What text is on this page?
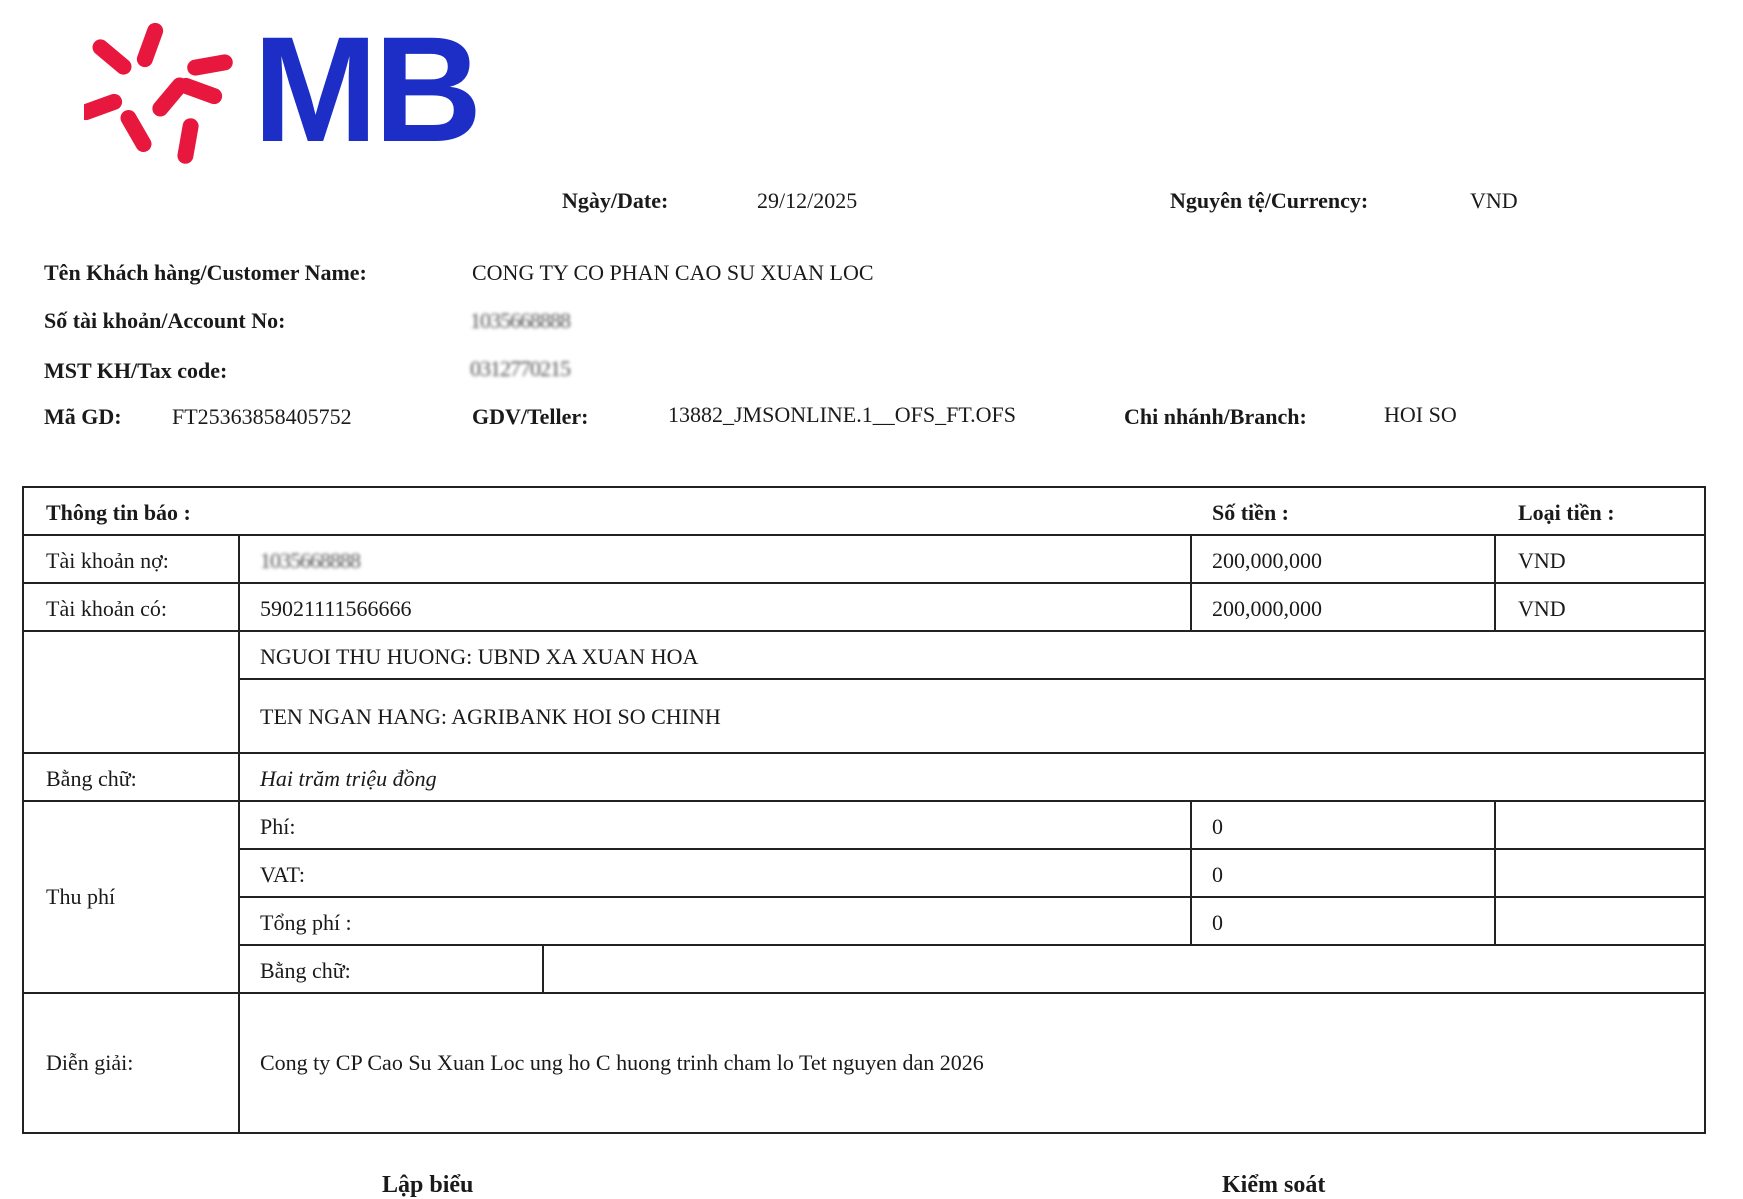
MB
Ngày/Date:	29/12/2025	Nguyên tệ/Currency:	VND
Tên Khách hàng/Customer Name:	CONG TY CO PHAN CAO SU XUAN LOC
Số tài khoản/Account No:	1035668888
MST KH/Tax code:	0312770215
Mã GD: FT25363858405752	GDV/Teller:	13882_JMSONLINE.1__OFS_FT.OFS	Chi nhánh/Branch:	HOI SO
Thông tin báo :	Số tiền :	Loại tiền :
Tài khoản nợ:	1035668888	200,000,000	VND
Tài khoản có:	59021111566666	200,000,000	VND
NGUOI THU HUONG: UBND XA XUAN HOA
TEN NGAN HANG: AGRIBANK HOI SO CHINH
Bằng chữ:	Hai trăm triệu đồng
Thu phí
Phí:	0
VAT:	0
Tổng phí :	0
Bằng chữ:
Diễn giải:	Cong ty CP Cao Su Xuan Loc ung ho C huong trinh cham lo Tet nguyen dan 2026
Lập biểu	Kiểm soát
